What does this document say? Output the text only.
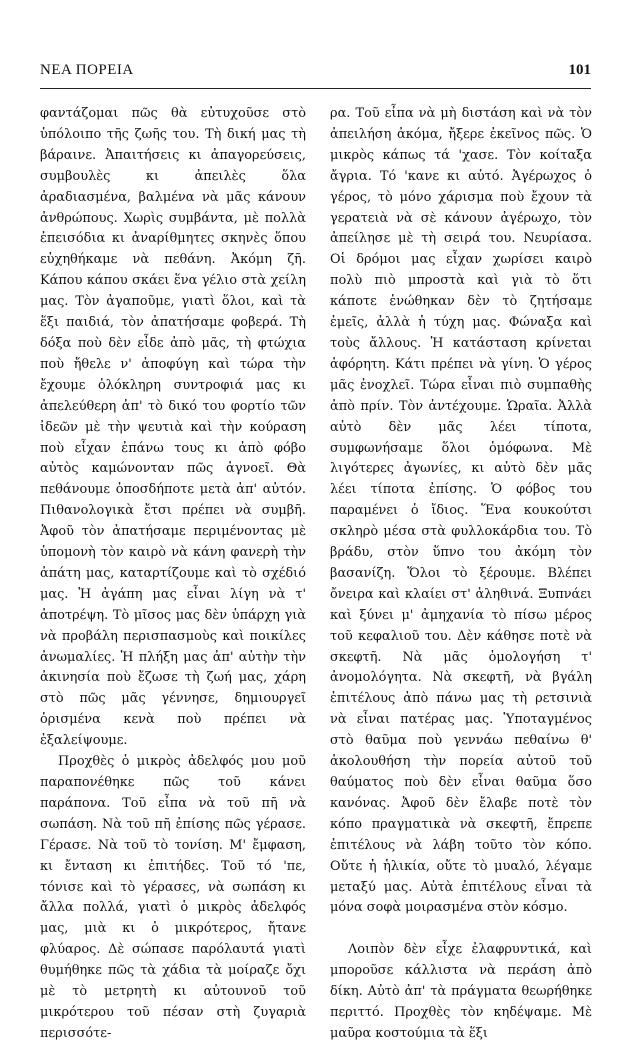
ΝΕΑ ΠΟΡΕΙΑ	101

φαντάζομαι πῶς θὰ εὐτυχοῦσε στὸ ὑπόλοιπο τῆς ζωῆς του. Τὴ δική μας τὴ βάραινε. Ἀπαιτήσεις κι ἀπαγορεύσεις, συμβουλὲς κι ἀπειλὲς ὅλα ἀραδιασμένα, βαλμένα νὰ μᾶς κάνουν ἀνθρώπους. Χωρὶς συμβάντα, μὲ πολλὰ ἐπεισόδια κι ἀναρίθμητες σκηνὲς ὅπου εὐχηθήκαμε νὰ πεθάνη. Ἀκόμη ζῆ. Κάπου κάπου σκάει ἕνα γέλιο στὰ χείλη μας. Τὸν ἀγαποῦμε, γιατὶ ὅλοι, καὶ τὰ ἕξι παιδιά, τὸν ἀπατήσαμε φοβερά. Τὴ δόξα ποὺ δὲν εἶδε ἀπὸ μᾶς, τὴ φτώχια ποὺ ἤθελε ν' ἀποφύγη καὶ τώρα τὴν ἔχουμε ὁλόκληρη συντροφιά μας κι ἀπελεύθερη ἀπ' τὸ δικό του φορτίο τῶν ἰδεῶν μὲ τὴν ψευτιὰ καὶ τὴν κούραση ποὺ εἶχαν ἐπάνω τους κι ἀπὸ φόβο αὐτὸς καμώνονταν πῶς ἀγνοεῖ. Θὰ πεθάνουμε ὁποσδήποτε μετὰ ἀπ' αὐτόν. Πιθανολογικὰ ἔτσι πρέπει νὰ συμβῆ. Ἀφοῦ τὸν ἀπατήσαμε περιμένοντας μὲ ὑπομονὴ τὸν καιρὸ νὰ κάνη φανερὴ τὴν ἀπάτη μας, καταρτίζουμε καὶ τὸ σχέδιό μας. Ἡ ἀγάπη μας εἶναι λίγη νὰ τ' ἀποτρέψη. Τὸ μῖσος μας δὲν ὑπάρχη γιὰ νὰ προβάλη περισπασμοὺς καὶ ποικίλες ἀνωμαλίες. Ἡ πλήξη μας ἀπ' αὐτὴν τὴν ἀκινησία ποὺ ἔζωσε τὴ ζωή μας, χάρη στὸ πῶς μᾶς γέννησε, δημιουργεῖ ὁρισμένα κενὰ ποὺ πρέπει νὰ ἐξαλείψουμε.

Προχθὲς ὁ μικρὸς ἀδελφός μου μοῦ παραπονέθηκε πῶς τοῦ κάνει παράπονα. Τοῦ εἶπα νὰ τοῦ πῆ νὰ σωπάση. Νὰ τοῦ πῆ ἐπίσης πῶς γέρασε. Γέρασε. Νὰ τοῦ τὸ τονίση. Μ' ἔμφαση, κι ἔνταση κι ἐπιτήδες. Τοῦ τό 'πε, τόνισε καὶ τὸ γέρασες, νὰ σωπάση κι ἄλλα πολλά, γιατὶ ὁ μικρὸς ἀδελφός μας, μιὰ κι ὁ μικρότερος, ἤτανε φλύαρος. Δὲ σώπασε παρόλαυτά γιατὶ θυμήθηκε πῶς τὰ χάδια τὰ μοίραζε ὄχι μὲ τὸ μετρητὴ κι αὐτουνοῦ τοῦ μικρότερου τοῦ πέσαν στὴ ζυγαριὰ περισσότε-

ρα. Τοῦ εἶπα νὰ μὴ διστάση καὶ νὰ τὸν ἀπειλήση ἀκόμα, ἤξερε ἐκεῖνος πῶς. Ὁ μικρὸς κάπως τά 'χασε. Τὸν κοίταξα ἄγρια. Τό 'κανε κι αὐτό. Ἀγέρωχος ὁ γέρος, τὸ μόνο χάρισμα ποὺ ἔχουν τὰ γερατειὰ νὰ σὲ κάνουν ἀγέρωχο, τὸν ἀπείλησε μὲ τὴ σειρά του. Νευρίασα. Οἱ δρόμοι μας εἶχαν χωρίσει καιρὸ πολὺ πιὸ μπροστὰ καὶ γιὰ τὸ ὅτι κάποτε ἑνώθηκαν δὲν τὸ ζητήσαμε ἐμεῖς, ἀλλὰ ἡ τύχη μας. Φώναξα καὶ τοὺς ἄλλους. Ἡ κατάσταση κρίνεται ἀφόρητη. Κάτι πρέπει νὰ γίνη. Ὁ γέρος μᾶς ἐνοχλεῖ. Τώρα εἶναι πιὸ συμπαθὴς ἀπὸ πρίν. Τὸν ἀντέχουμε. Ὡραῖα. Ἀλλὰ αὐτὸ δὲν μᾶς λέει τίποτα, συμφωνήσαμε ὅλοι ὁμόφωνα. Μὲ λιγότερες ἀγωνίες, κι αὐτὸ δὲν μᾶς λέει τίποτα ἐπίσης. Ὁ φόβος του παραμένει ὁ ἴδιος. Ἕνα κουκούτσι σκληρὸ μέσα στὰ φυλλοκάρδια του. Τὸ βράδυ, στὸν ὕπνο του ἀκόμη τὸν βασανίζη. Ὅλοι τὸ ξέρουμε. Βλέπει ὄνειρα καὶ κλαίει στ' ἀληθινά. Ξυπνάει καὶ ξύνει μ' ἀμηχανία τὸ πίσω μέρος τοῦ κεφαλιοῦ του. Δὲν κάθησε ποτὲ νὰ σκεφτῆ. Νὰ μᾶς ὁμολογήση τ' ἀνομολόγητα. Νὰ σκεφτῆ, νὰ βγάλη ἐπιτέλους ἀπὸ πάνω μας τὴ ρετσινιὰ νὰ εἶναι πατέρας μας. Ὑποταγμένος στὸ θαῦμα ποὺ γεννάω πεθαίνω θ' ἀκολουθήση τὴν πορεία αὐτοῦ τοῦ θαύματος ποὺ δὲν εἶναι θαῦμα ὅσο κανόνας. Ἀφοῦ δὲν ἔλαβε ποτὲ τὸν κόπο πραγματικὰ νὰ σκεφτῆ, ἔπρεπε ἐπιτέλους νὰ λάβη τοῦτο τὸν κόπο. Οὔτε ἡ ἡλικία, οὔτε τὸ μυαλό, λέγαμε μεταξύ μας. Αὐτὰ ἐπιτέλους εἶναι τὰ μόνα σοφὰ μοιρασμένα στὸν κόσμο.

Λοιπὸν δὲν εἶχε ἐλαφρυντικά, καὶ μποροῦσε κάλλιστα νὰ περάση ἀπὸ δίκη. Αὐτὸ ἀπ' τὰ πράγματα θεωρήθηκε περιττό. Προχθὲς τὸν κηδέψαμε. Μὲ μαῦρα κοστούμια τὰ ἕξι
